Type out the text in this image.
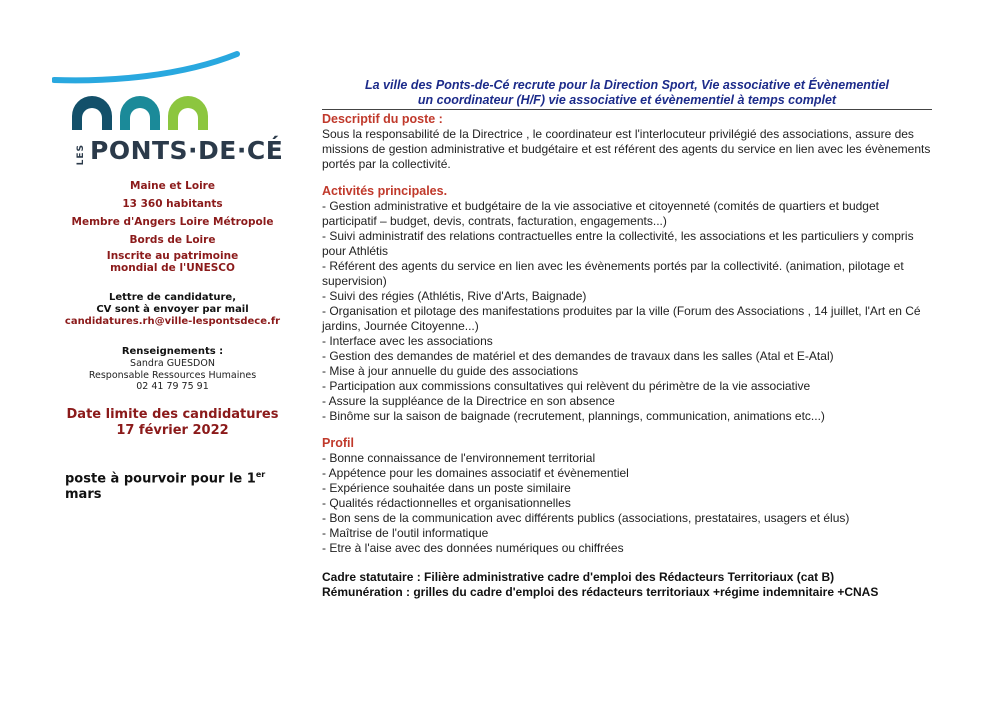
LES PONTS·DE·CÉ
Maine et Loire
13 360 habitants
Membre d'Angers Loire Métropole
Bords de Loire
Inscrite au patrimoine
mondial de l'UNESCO
Lettre de candidature,
CV sont à envoyer par mail
candidatures.rh@ville-lespontsdece.fr
Renseignements :
Sandra GUESDON
Responsable Ressources Humaines
02 41 79 75 91
Date limite des candidatures
17 février 2022
poste à pourvoir pour le 1er
mars
La ville des Ponts-de-Cé recrute pour la Direction Sport, Vie associative et Évènementiel
un coordinateur (H/F) vie associative et évènementiel à temps complet
Descriptif du poste :
Sous la responsabilité de la Directrice , le coordinateur est l'interlocuteur privilégié des associations, assure des missions de gestion administrative et budgétaire et est référent des agents du service en lien avec les évènements portés par la collectivité.
Activités principales.
- Gestion administrative et budgétaire de la vie associative et citoyenneté (comités de quartiers et budget participatif – budget, devis, contrats, facturation, engagements...)
- Suivi administratif des relations contractuelles entre la collectivité, les associations et les particuliers y compris pour Athlétis
- Référent des agents du service en lien avec les évènements portés par la collectivité. (animation, pilotage et supervision)
- Suivi des régies (Athlétis, Rive d'Arts, Baignade)
- Organisation et pilotage des manifestations produites par la ville (Forum des Associations , 14 juillet, l'Art en Cé jardins, Journée Citoyenne...)
- Interface avec les associations
- Gestion des demandes de matériel et des demandes de travaux dans les salles (Atal et E-Atal)
- Mise à jour annuelle du guide des associations
- Participation aux commissions consultatives qui relèvent du périmètre de la vie associative
- Assure la suppléance de la Directrice en son absence
- Binôme sur la saison de baignade (recrutement, plannings, communication, animations etc...)
Profil
- Bonne connaissance de l'environnement territorial
- Appétence pour les domaines associatif et évènementiel
- Expérience souhaitée dans un poste similaire
- Qualités rédactionnelles et organisationnelles
- Bon sens de la communication avec différents publics (associations, prestataires, usagers et élus)
- Maîtrise de l'outil informatique
- Etre à l'aise avec des données numériques ou chiffrées
Cadre statutaire : Filière administrative cadre d'emploi des Rédacteurs Territoriaux (cat B)
Rémunération : grilles du cadre d'emploi des rédacteurs territoriaux +régime indemnitaire +CNAS
